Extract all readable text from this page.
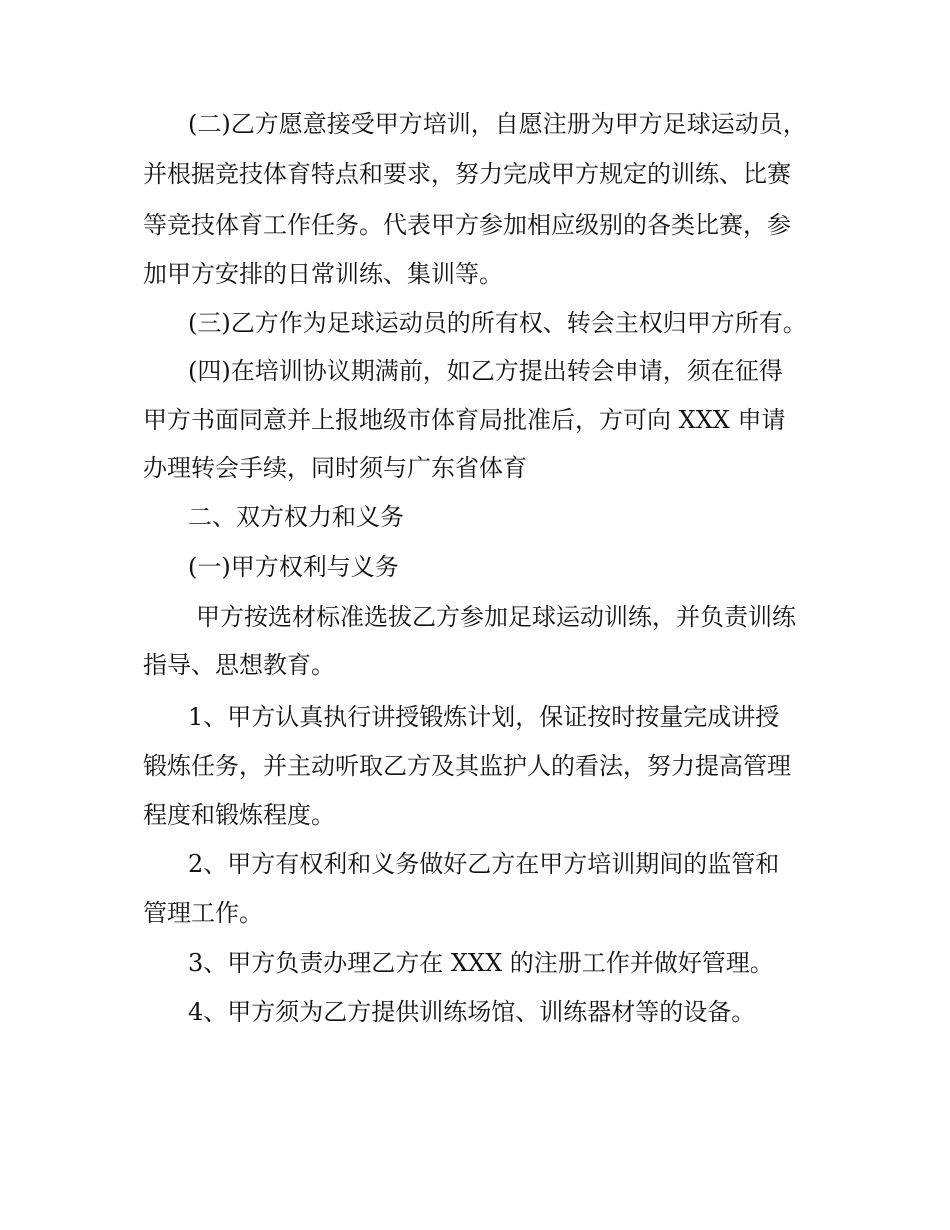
(二)乙方愿意接受甲方培训，自愿注册为甲方足球运动员，
并根据竞技体育特点和要求，努力完成甲方规定的训练、比赛
等竞技体育工作任务。代表甲方参加相应级别的各类比赛，参
加甲方安排的日常训练、集训等。
(三)乙方作为足球运动员的所有权、转会主权归甲方所有。
(四)在培训协议期满前，如乙方提出转会申请，须在征得
甲方书面同意并上报地级市体育局批准后，方可向 XXX 申请
办理转会手续，同时须与广东省体育
二、双方权力和义务
(一)甲方权利与义务
甲方按选材标准选拔乙方参加足球运动训练，并负责训练
指导、思想教育。
1、甲方认真执行讲授锻炼计划，保证按时按量完成讲授
锻炼任务，并主动听取乙方及其监护人的看法，努力提高管理
程度和锻炼程度。
2、甲方有权利和义务做好乙方在甲方培训期间的监管和
管理工作。
3、甲方负责办理乙方在 XXX 的注册工作并做好管理。
4、甲方须为乙方提供训练场馆、训练器材等的设备。
